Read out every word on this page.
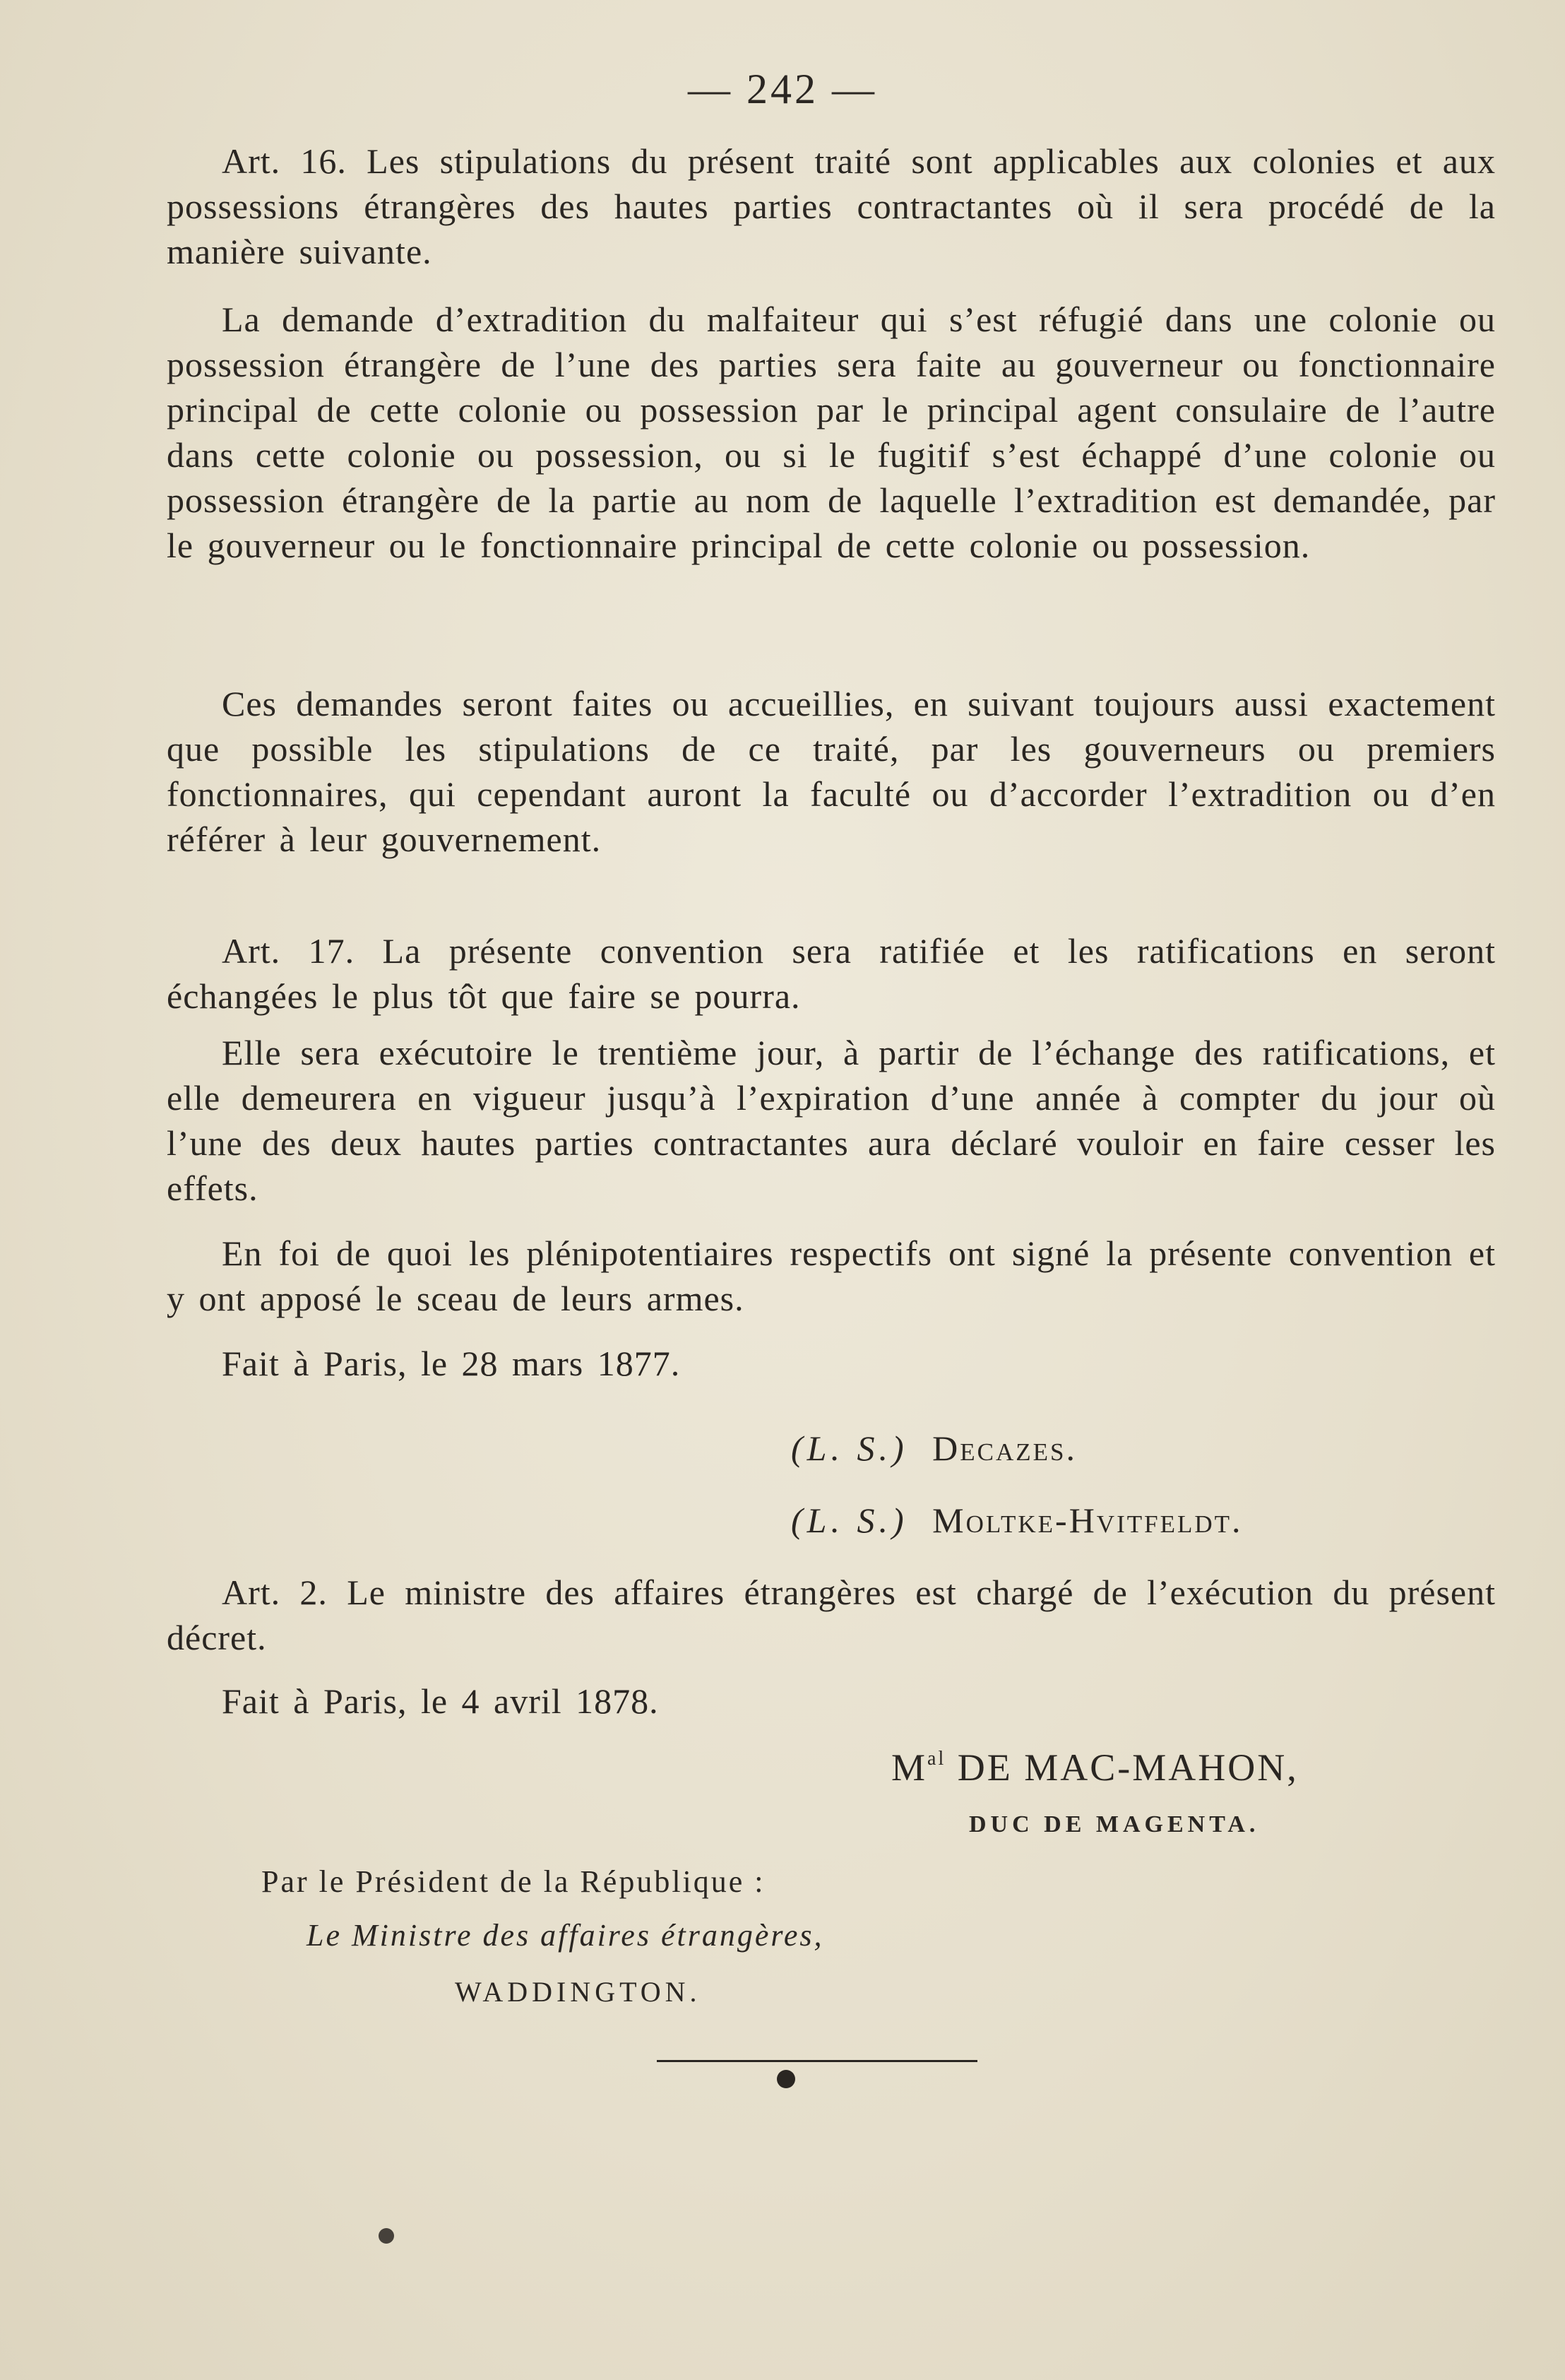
— 242 —

Art. 16. Les stipulations du présent traité sont applicables aux colonies et aux possessions étrangères des hautes parties contractantes où il sera procédé de la manière suivante.

La demande d’extradition du malfaiteur qui s’est réfugié dans une colonie ou possession étrangère de l’une des parties sera faite au gouverneur ou fonctionnaire principal de cette colonie ou possession par le principal agent consulaire de l’autre dans cette colonie ou possession, ou si le fugitif s’est échappé d’une colonie ou possession étrangère de la partie au nom de laquelle l’extradition est demandée, par le gouverneur ou le fonctionnaire principal de cette colonie ou possession.

Ces demandes seront faites ou accueillies, en suivant toujours aussi exactement que possible les stipulations de ce traité, par les gouverneurs ou premiers fonctionnaires, qui cependant auront la faculté ou d’accorder l’extradition ou d’en référer à leur gouvernement.

Art. 17. La présente convention sera ratifiée et les ratifications en seront échangées le plus tôt que faire se pourra.

Elle sera exécutoire le trentième jour, à partir de l’échange des ratifications, et elle demeurera en vigueur jusqu’à l’expiration d’une année à compter du jour où l’une des deux hautes parties contractantes aura déclaré vouloir en faire cesser les effets.

En foi de quoi les plénipotentiaires respectifs ont signé la présente convention et y ont apposé le sceau de leurs armes.

Fait à Paris, le 28 mars 1877.

(L. S.) Decazes.
(L. S.) Moltke-Hvitfeldt.

Art. 2. Le ministre des affaires étrangères est chargé de l’exécution du présent décret.

Fait à Paris, le 4 avril 1878.

$M^{al}$ DE MAC-MAHON,
DUC DE MAGENTA.
Par le Président de la République :
Le Ministre des affaires étrangères,
WADDINGTON.
